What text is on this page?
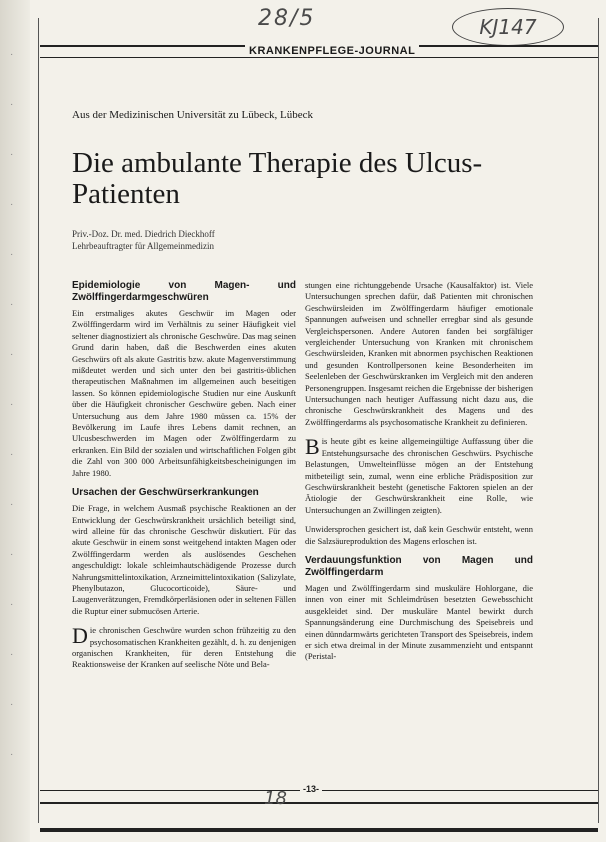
·
·
·
·
·
·
·
·
·
·
·
·
·
·
·
28/5	KJ147
KRANKENPFLEGE-JOURNAL
Aus der Medizinischen Universität zu Lübeck, Lübeck
Die ambulante Therapie des Ulcus-Patienten
Priv.-Doz. Dr. med. Diedrich Dieckhoff
Lehrbeauftragter für Allgemeinmedizin
Epidemiologie von Magen- und Zwölffingerdarmgeschwüren

Ein erstmaliges akutes Geschwür im Magen oder Zwölffingerdarm wird im Verhältnis zu seiner Häufigkeit viel seltener diagnostiziert als chronische Geschwüre. Das mag seinen Grund darin haben, daß die Beschwerden eines akuten Geschwürs oft als akute Gastritis bzw. akute Magenverstimmung mißdeutet werden und sich unter den bei gastritis-üblichen therapeutischen Maßnahmen im allgemeinen auch beseitigen lassen. So können epidemiologische Studien nur eine Auskunft über die Häufigkeit chronischer Geschwüre geben. Nach einer Untersuchung aus dem Jahre 1980 müssen ca. 15% der Bevölkerung im Laufe ihres Lebens damit rechnen, an Ulcusbeschwerden im Magen oder Zwölffingerdarm zu erkranken. Ein Bild der sozialen und wirtschaftlichen Folgen gibt die Zahl von 300 000 Arbeitsunfähigkeitsbescheinigungen im Jahre 1980.

Ursachen der Geschwürserkrankungen

Die Frage, in welchem Ausmaß psychische Reaktionen an der Entwicklung der Geschwürskrankheit ursächlich beteiligt sind, wird alleine für das chronische Geschwür diskutiert. Für das akute Geschwür in einem sonst weitgehend intakten Magen oder Zwölffingerdarm werden als auslösendes Geschehen angeschuldigt: lokale schleimhautschädigende Prozesse durch Nahrungsmittelintoxikation, Arzneimittelintoxikation (Salizylate, Phenylbutazon, Glucocorticoide), Säure- und Laugenverätzungen, Fremdkörperläsionen oder in seltenen Fällen die Ruptur einer submucösen Arterie.

Die chronischen Geschwüre wurden schon frühzeitig zu den psychosomatischen Krankheiten gezählt, d. h. zu denjenigen organischen Krankheiten, für deren Entstehung die Reaktionsweise der Kranken auf seelische Nöte und Bela-

stungen eine richtunggebende Ursache (Kausalfaktor) ist. Viele Untersuchungen sprechen dafür, daß Patienten mit chronischen Geschwürsleiden im Zwölffingerdarm häufiger emotionale Spannungen aufweisen und schneller erregbar sind als gesunde Vergleichspersonen. Andere Autoren fanden bei sorgfältiger vergleichender Untersuchung von Kranken mit chronischem Geschwürsleiden, Kranken mit abnormen psychischen Reaktionen und gesunden Kontrollpersonen keine Besonderheiten im Seelenleben der Geschwürskranken im Vergleich mit den anderen Personengruppen. Insgesamt reichen die Ergebnisse der bisherigen Untersuchungen nach heutiger Auffassung nicht dazu aus, die chronische Geschwürskrankheit des Magens und des Zwölffingerdarms als psychosomatische Krankheit zu definieren.

Bis heute gibt es keine allgemeingültige Auffassung über die Entstehungsursache des chronischen Geschwürs. Psychische Belastungen, Umwelteinflüsse mögen an der Entstehung mitbeteiligt sein, zumal, wenn eine erbliche Prädisposition zur Geschwürskrankheit besteht (genetische Faktoren spielen an der Ätiologie der Geschwürskrankheit eine Rolle, wie Untersuchungen an Zwillingen zeigten).

Unwidersprochen gesichert ist, daß kein Geschwür entsteht, wenn die Salzsäureproduktion des Magens erloschen ist.

Verdauungsfunktion von Magen und Zwölffingerdarm

Magen und Zwölffingerdarm sind muskuläre Hohlorgane, die innen von einer mit Schleimdrüsen besetzten Gewebsschicht ausgekleidet sind. Der muskuläre Mantel bewirkt durch Spannungsänderung eine Durchmischung des Speisebreis und einen dünndarmwärts gerichteten Transport des Speisebreis, indem er sich etwa dreimal in der Minute zusammenzieht und entspannt (Peristal-

-13-
18
